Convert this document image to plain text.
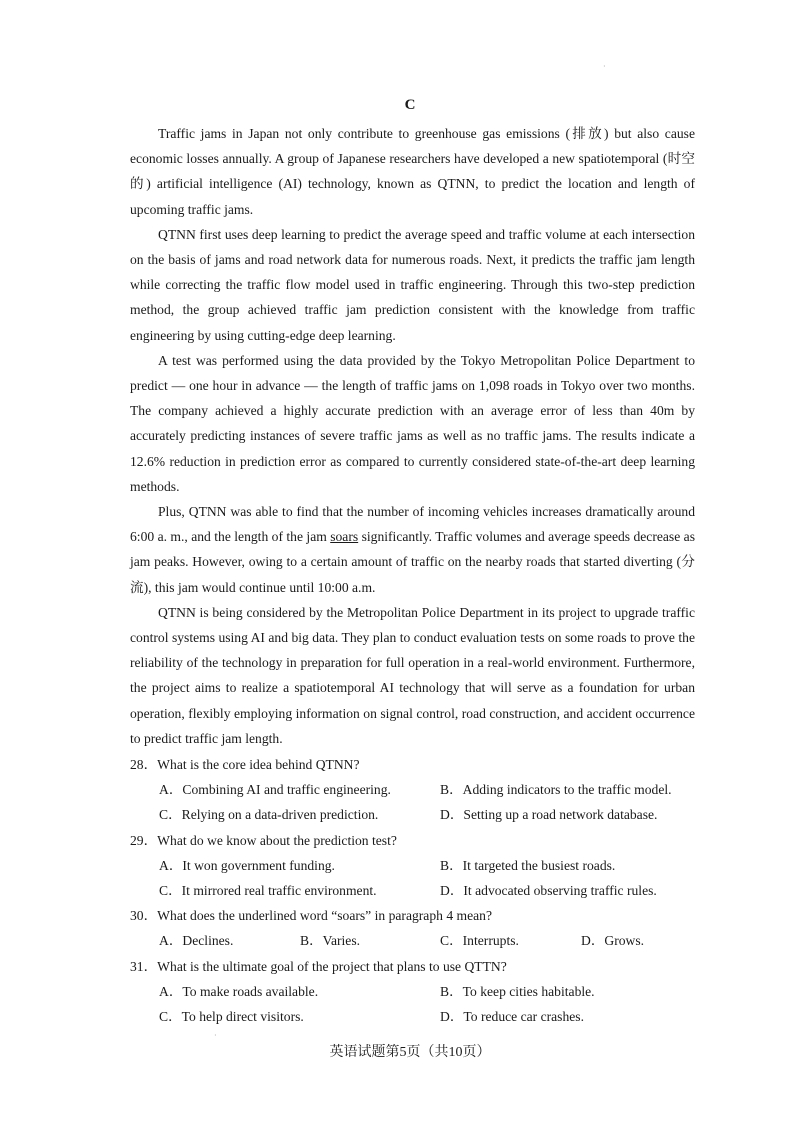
·
C

Traffic jams in Japan not only contribute to greenhouse gas emissions (排放) but also cause economic losses annually. A group of Japanese researchers have developed a new spatiotemporal (时空的) artificial intelligence (AI) technology, known as QTNN, to predict the location and length of upcoming traffic jams.

QTNN first uses deep learning to predict the average speed and traffic volume at each intersection on the basis of jams and road network data for numerous roads. Next, it predicts the traffic jam length while correcting the traffic flow model used in traffic engineering. Through this two-step prediction method, the group achieved traffic jam prediction consistent with the knowledge from traffic engineering by using cutting-edge deep learning.

A test was performed using the data provided by the Tokyo Metropolitan Police Department to predict — one hour in advance — the length of traffic jams on 1,098 roads in Tokyo over two months. The company achieved a highly accurate prediction with an average error of less than 40m by accurately predicting instances of severe traffic jams as well as no traffic jams. The results indicate a 12.6% reduction in prediction error as compared to currently considered state-of-the-art deep learning methods.

Plus, QTNN was able to find that the number of incoming vehicles increases dramatically around 6:00 a. m., and the length of the jam soars significantly. Traffic volumes and average speeds decrease as jam peaks. However, owing to a certain amount of traffic on the nearby roads that started diverting (分流), this jam would continue until 10:00 a.m.

QTNN is being considered by the Metropolitan Police Department in its project to upgrade traffic control systems using AI and big data. They plan to conduct evaluation tests on some roads to prove the reliability of the technology in preparation for full operation in a real-world environment. Furthermore, the project aims to realize a spatiotemporal AI technology that will serve as a foundation for urban operation, flexibly employing information on signal control, road construction, and accident occurrence to predict traffic jam length.

28．What is the core idea behind QTNN?
A．Combining AI and traffic engineering.	B．Adding indicators to the traffic model.
C．Relying on a data-driven prediction.	D．Setting up a road network database.
29．What do we know about the prediction test?
A．It won government funding.	B．It targeted the busiest roads.
C．It mirrored real traffic environment.	D．It advocated observing traffic rules.
30．What does the underlined word “soars” in paragraph 4 mean?
A．Declines.	B．Varies.	C．Interrupts.	D．Grows.
31．What is the ultimate goal of the project that plans to use QTTN?
A．To make roads available.	B．To keep cities habitable.
C．To help direct visitors.	D．To reduce car crashes.
·
英语试题第5页（共10页）
